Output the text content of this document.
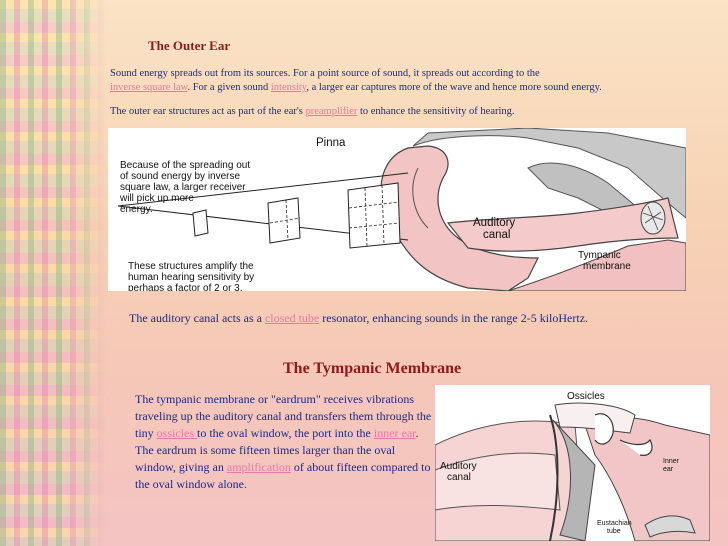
The Outer Ear
Sound energy spreads out from its sources. For a point source of sound, it spreads out according to the
inverse square law. For a given sound intensity, a larger ear captures more of the wave and hence more sound energy.
The outer ear structures act as part of the ear's preamplifier to enhance the sensitivity of hearing.
Pinna
Because of the spreading out
of sound energy by inverse
square law, a larger receiver
will pick up more
energy.
Auditory
canal
These structures amplify the
human hearing sensitivity by
perhaps a factor of 2 or 3.
Tympanic
membrane
The auditory canal acts as a closed tube resonator, enhancing sounds in the range 2-5 kiloHertz.
The Tympanic Membrane
The tympanic membrane or "eardrum" receives vibrations traveling up the auditory canal and transfers them through the tiny ossicles to the oval window, the port into the inner ear. The eardrum is some fifteen times larger than the oval window, giving an amplification of about fifteen compared to the oval window alone.
Ossicles
Auditory
canal
Inner
ear
Eustachian
tube
